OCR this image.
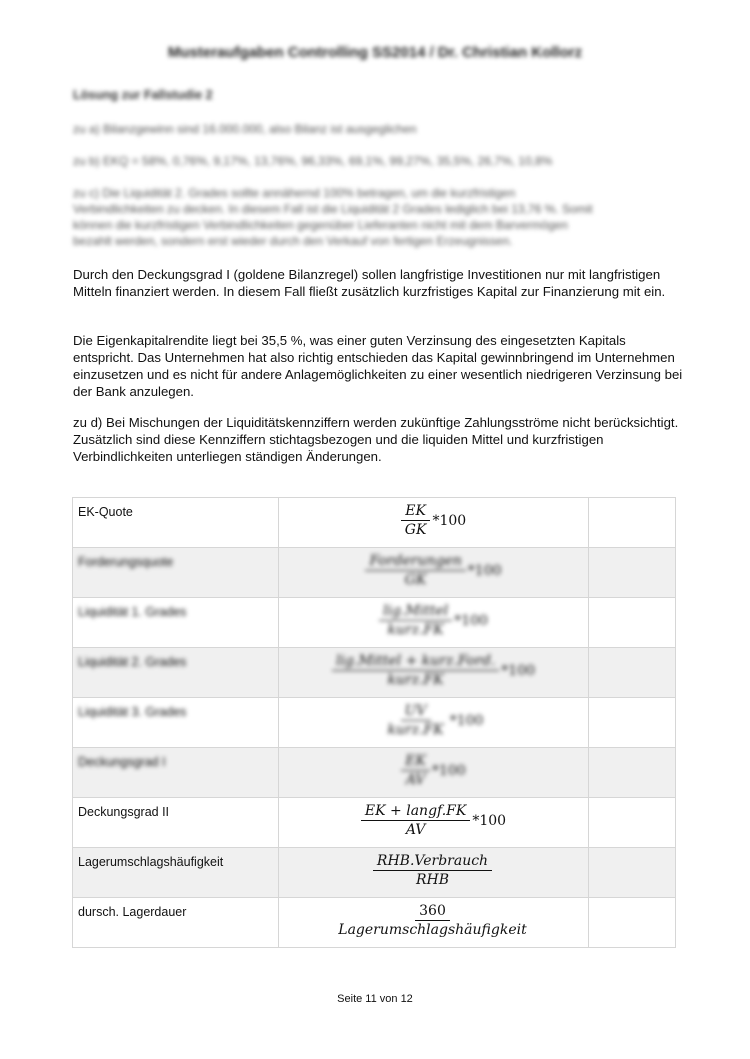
Musteraufgaben Controlling SS2014 / Dr. Christian Kollorz
Lösung zur Fallstudie 2
zu a) Bilanzgewinn sind 16.000.000, also Bilanz ist ausgeglichen
zu b) EKQ = 58%, 0,76%, 9,17%, 13,76%, 96,33%, 69,1%, 99,27%, 35,5%, 26,7%, 10,8%
zu c) Die Liquidität 2. Grades sollte annähernd 100% betragen, um die kurzfristigen
Verbindlichkeiten zu decken. In diesem Fall ist die Liquidität 2 Grades lediglich bei 13,76 %. Somit
können die kurzfristigen Verbindlichkeiten gegenüber Lieferanten nicht mit dem Barvermögen
bezahlt werden, sondern erst wieder durch den Verkauf von fertigen Erzeugnissen.
Durch den Deckungsgrad I (goldene Bilanzregel) sollen langfristige Investitionen nur mit langfristigen Mitteln finanziert werden. In diesem Fall fließt zusätzlich kurzfristiges Kapital zur Finanzierung mit ein.
Die Eigenkapitalrendite liegt bei 35,5 %, was einer guten Verzinsung des eingesetzten Kapitals entspricht. Das Unternehmen hat also richtig entschieden das Kapital gewinnbringend im Unternehmen einzusetzen und es nicht für andere Anlagemöglichkeiten zu einer wesentlich niedrigeren Verzinsung bei der Bank anzulegen.
zu d) Bei Mischungen der Liquiditätskennziffern werden zukünftige Zahlungsströme nicht berücksichtigt. Zusätzlich sind diese Kennziffern stichtagsbezogen und die liquiden Mittel und kurzfristigen Verbindlichkeiten unterliegen ständigen Änderungen.
EK-Quote	$\frac{EK}{GK} *100$	

Forderungsquote	$\frac{\text{Forderungen}}{GK} *100$	

Liquidität 1. Grades	$\frac{\text{lig.Mittel}}{\text{kurz.FK}} *100$	

Liquidität 2. Grades	$\frac{\text{lig.Mittel + kurz.Ford.}}{\text{kurz.FK}} *100$	

Liquidität 3. Grades	$\frac{UV}{\text{kurz.FK}} *100$	

Deckungsgrad I	$\frac{EK}{AV} *100$	

Deckungsgrad II	$\frac{\text{EK + langf.FK}}{AV} *100$	

Lagerumschlagshäufigkeit	$\frac{\text{RHB.Verbrauch}}{\text{RHB}}$

dursch. Lagerdauer	$\frac{360}{\text{Lagerumschlagshäufigkeit}}$

Seite 11 von 12
